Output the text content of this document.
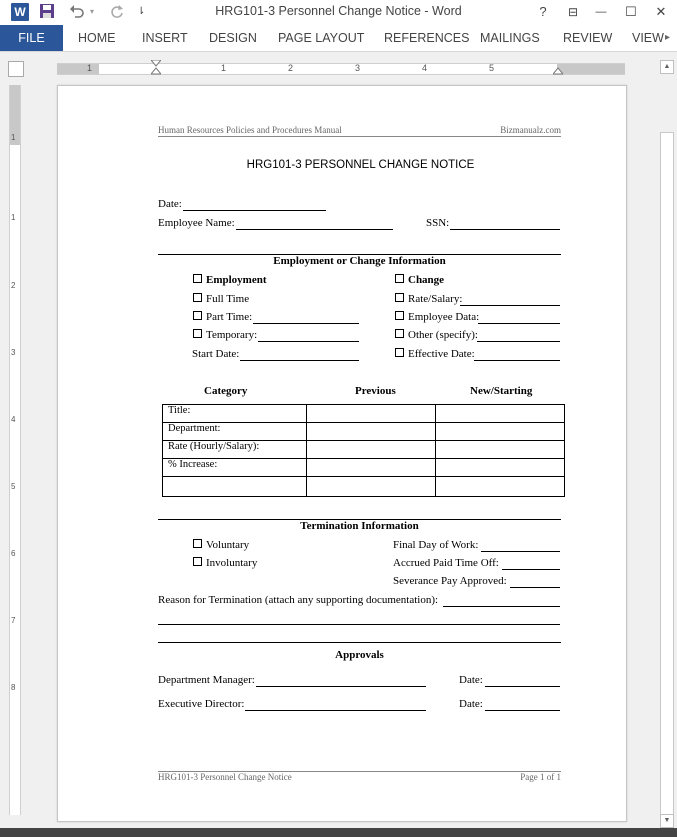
W	▾	⇂	HRG101-3 Personnel Change Notice - Word	?	⊟	—	☐	✕
FILE	HOME INSERT DESIGN PAGE LAYOUT REFERENCES MAILINGS REVIEW VIEW ▸
1	1	2	3	4	5
1
1
2
3
4
5
6
7
8
▲
▼
Human Resources Policies and Procedures Manual	Bizmanualz.com
HRG101-3 PERSONNEL CHANGE NOTICE
Date:
Employee Name:	SSN:
Employment or Change Information
Employment
Full Time
Part Time:
Temporary:
Start Date:
Change
Rate/Salary:
Employee Data:
Other (specify):
Effective Date:
Category	Previous	New/Starting
Title:		
Department:		
Rate (Hourly/Salary):		
% Increase:		

Termination Information
Voluntary
Involuntary
Final Day of Work:
Accrued Paid Time Off:
Severance Pay Approved:
Reason for Termination (attach any supporting documentation):
Approvals
Department Manager:	Date:
Executive Director:	Date:
HRG101-3 Personnel Change Notice	Page 1 of 1
